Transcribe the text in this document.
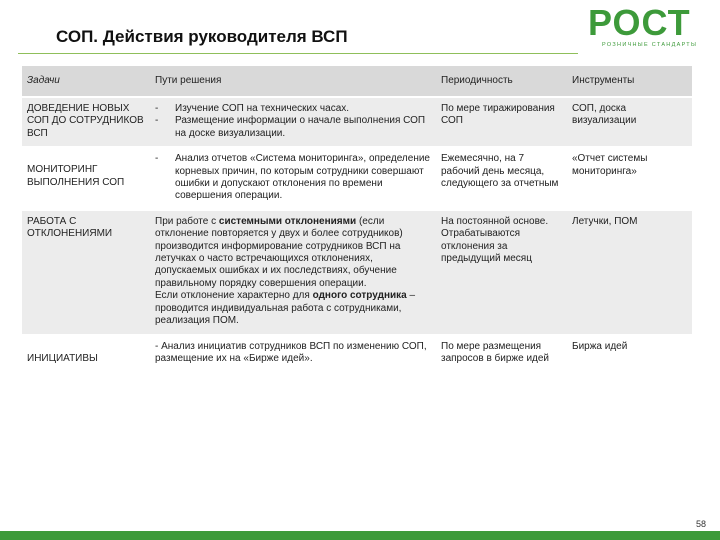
СОП. Действия руководителя ВСП	РОСТ
РОЗНИЧНЫЕ СТАНДАРТЫ
Задачи	Пути решения	Периодичность	Инструменты
ДОВЕДЕНИЕ НОВЫХ СОП ДО СОТРУДНИКОВ ВСП	- Изучение СОП на технических часах.
- Размещение информации о начале выполнения СОП на доске визуализации.	По мере тиражирования СОП	СОП, доска визуализации

МОНИТОРИНГ ВЫПОЛНЕНИЯ СОП	- Анализ отчетов «Система мониторинга», определение корневых причин, по которым сотрудники совершают ошибки и допускают отклонения по времени совершения операции.	Ежемесячно, на 7 рабочий день месяца, следующего за отчетным	«Отчет системы мониторинга»
РАБОТА С ОТКЛОНЕНИЯМИ	При работе с системными отклонениями (если отклонение повторяется у двух и более сотрудников) производится информирование сотрудников ВСП на летучках о часто встречающихся отклонениях, допускаемых ошибках и их последствиях, обучение правильному порядку совершения операции.
Если отклонение характерно для одного сотрудника – проводится индивидуальная работа с сотрудниками, реализация ПОМ.	На постоянной основе. Отрабатываются отклонения за предыдущий месяц	Летучки, ПОМ

ИНИЦИАТИВЫ	- Анализ инициатив сотрудников ВСП по изменению СОП, размещение их на «Бирже идей».	По мере размещения запросов в бирже идей	Биржа идей
58
